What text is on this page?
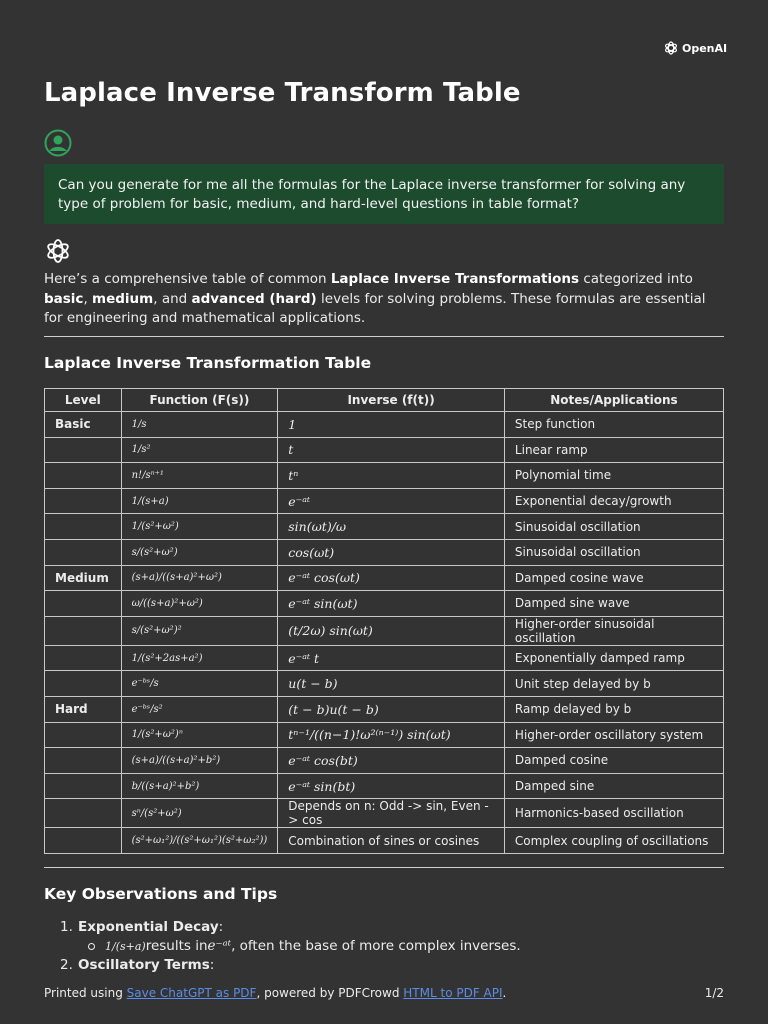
OpenAI
Laplace Inverse Transform Table
Can you generate for me all the formulas for the Laplace inverse transformer for solving any type of problem for basic, medium, and hard-level questions in table format?

Here’s a comprehensive table of common Laplace Inverse Transformations categorized into basic, medium, and advanced (hard) levels for solving problems. These formulas are essential for engineering and mathematical applications.

Laplace Inverse Transformation Table
Level	Function (F(s))	Inverse (f(t))	Notes/Applications
Basic	1/s	1	Step function
	1/s²	t	Linear ramp
	n!/sⁿ⁺¹	tⁿ	Polynomial time
	1/(s+a)	e⁻ᵃᵗ	Exponential decay/growth
	1/(s²+ω²)	sin(ωt)/ω	Sinusoidal oscillation
	s/(s²+ω²)	cos(ωt)	Sinusoidal oscillation
Medium	(s+a)/((s+a)²+ω²)	e⁻ᵃᵗ cos(ωt)	Damped cosine wave
	ω/((s+a)²+ω²)	e⁻ᵃᵗ sin(ωt)	Damped sine wave
	s/(s²+ω²)²	(t/2ω) sin(ωt)	Higher-order sinusoidal oscillation
	1/(s²+2as+a²)	e⁻ᵃᵗ t	Exponentially damped ramp
	e⁻ᵇˢ/s	u(t − b)	Unit step delayed by b
Hard	e⁻ᵇˢ/s²	(t − b)u(t − b)	Ramp delayed by b
	1/(s²+ω²)ⁿ	tⁿ⁻¹/((n−1)!ω²⁽ⁿ⁻¹⁾) sin(ωt)	Higher-order oscillatory system
	(s+a)/((s+a)²+b²)	e⁻ᵃᵗ cos(bt)	Damped cosine
	b/((s+a)²+b²)	e⁻ᵃᵗ sin(bt)	Damped sine
	sⁿ/(s²+ω²)	Depends on n: Odd -> sin, Even -> cos	Harmonics-based oscillation
	(s²+ω₁²)/((s²+ω₁²)(s²+ω₂²))	Combination of sines or cosines	Complex coupling of oscillations
Key Observations and Tips
1. Exponential Decay:
1/(s+a) results in e⁻ᵃᵗ , often the base of more complex inverses.
2. Oscillatory Terms:
Printed using Save ChatGPT as PDF, powered by PDFCrowd HTML to PDF API.	1/2
